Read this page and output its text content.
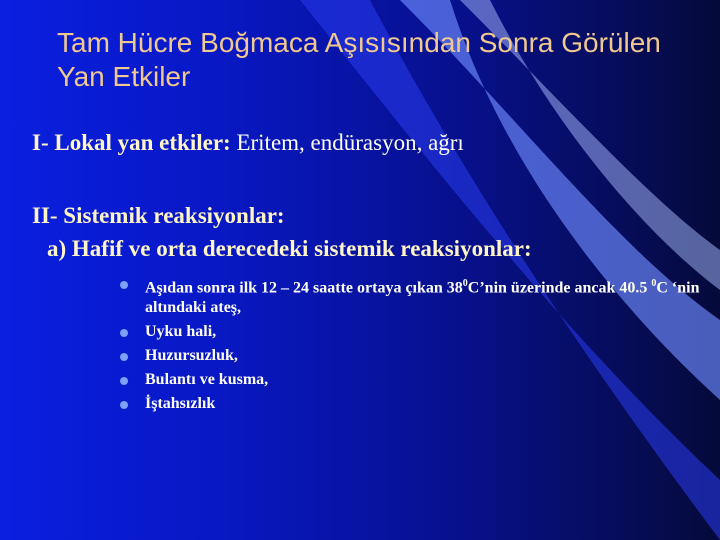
Tam Hücre Boğmaca Aşısısından Sonra Görülen Yan Etkiler
I- Lokal yan etkiler: Eritem, endürasyon, ağrı
II- Sistemik reaksiyonlar:
a) Hafif ve orta derecedeki sistemik reaksiyonlar:
Aşıdan sonra ilk 12 – 24 saatte ortaya çıkan $38^0C’nin$ üzerinde ancak 40.5 $^0$C ‘nin altındaki ateş,
Uyku hali,
Huzursuzluk,
Bulantı ve kusma,
İştahsızlık
